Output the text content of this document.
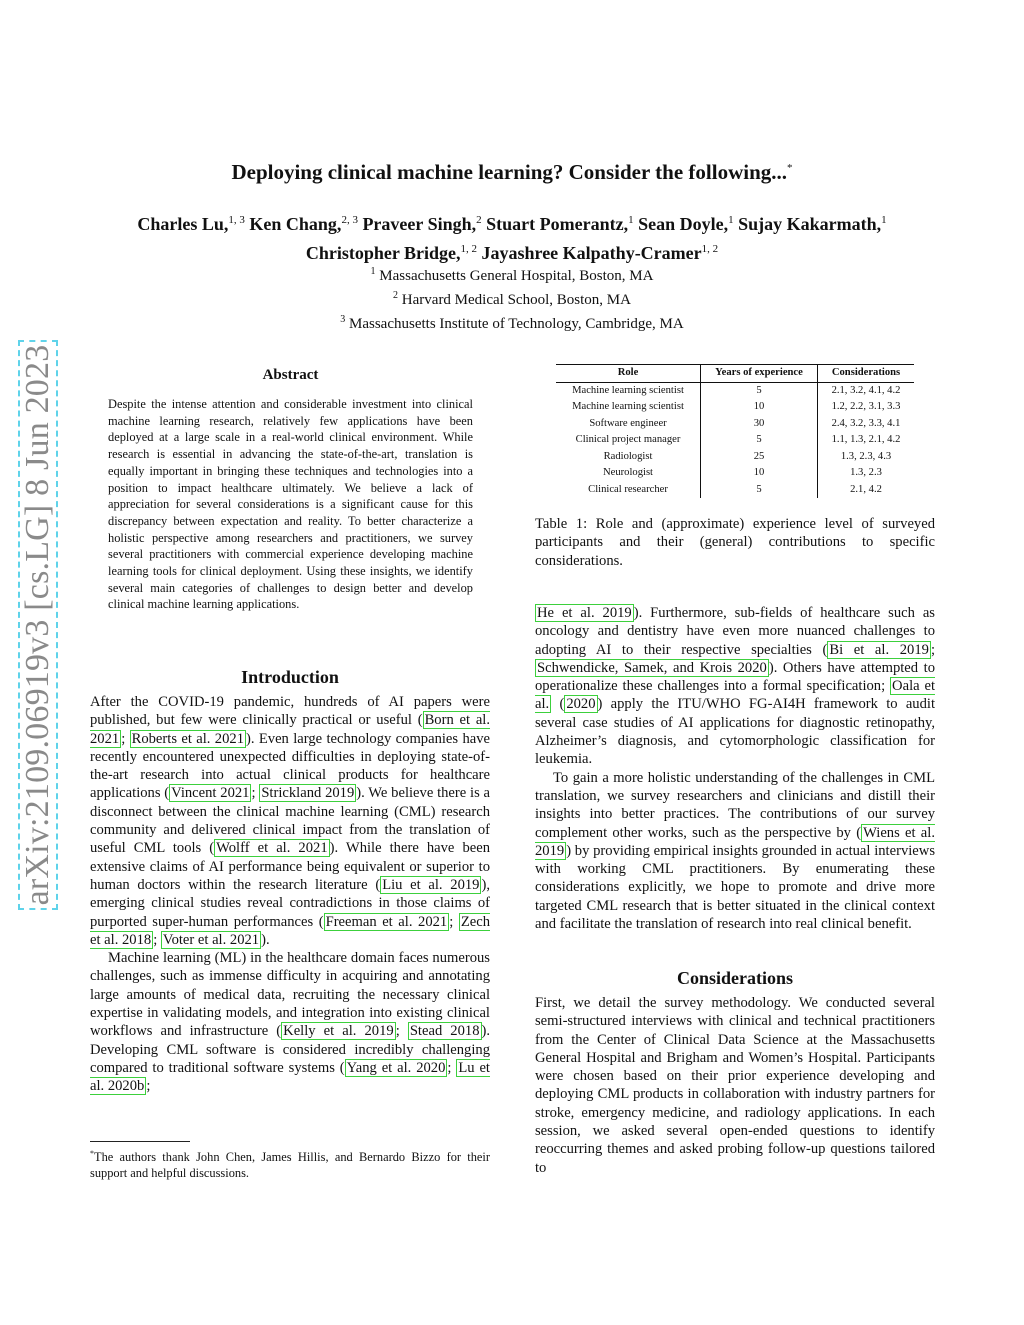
Deploying clinical machine learning? Consider the following...*
Charles Lu,$^{1, 3}$ Ken Chang,$^{2, 3}$ Praveer Singh,$^2$ Stuart Pomerantz,$^1$ Sean Doyle,$^1$ Sujay Kakarmath,$^1$ Christopher Bridge,$^{1, 2}$ Jayashree Kalpathy-Cramer$^{1, 2}$
$^1$ Massachusetts General Hospital, Boston, MA
$^2$ Harvard Medical School, Boston, MA
$^3$ Massachusetts Institute of Technology, Cambridge, MA
arXiv:2109.06919v3 [cs.LG] 8 Jun 2023	Abstract
Despite the intense attention and considerable investment into clinical machine learning research, relatively few applications have been deployed at a large scale in a real-world clinical environment. While research is essential in advancing the state-of-the-art, translation is equally important in bringing these techniques and technologies into a position to impact healthcare ultimately. We believe a lack of appreciation for several considerations is a significant cause for this discrepancy between expectation and reality. To better characterize a holistic perspective among researchers and practitioners, we survey several practitioners with commercial experience developing machine learning tools for clinical deployment. Using these insights, we identify several main categories of challenges to design better and develop clinical machine learning applications.
Introduction

After the COVID-19 pandemic, hundreds of AI papers were published, but few were clinically practical or useful ( Born et al. 2021 ; Roberts et al. 2021 ). Even large technology companies have recently encountered unexpected difficulties in deploying state-of-the-art research into actual clinical products for healthcare applications ( Vincent 2021 ; Strickland 2019 ). We believe there is a disconnect between the clinical machine learning (CML) research community and delivered clinical impact from the translation of useful CML tools ( Wolff et al. 2021 ). While there have been extensive claims of AI performance being equivalent or superior to human doctors within the research literature ( Liu et al. 2019 ), emerging clinical studies reveal contradictions in those claims of purported super-human performances ( Freeman et al. 2021 ; Zech et al. 2018 ; Voter et al. 2021 ).

Machine learning (ML) in the healthcare domain faces numerous challenges, such as immense difficulty in acquiring and annotating large amounts of medical data, recruiting the necessary clinical expertise in validating models, and integration into existing clinical workflows and infrastructure ( Kelly et al. 2019 ; Stead 2018 ). Developing CML software is considered incredibly challenging compared to traditional software systems ( Yang et al. 2020 ; Lu et al. 2020b ;

*The authors thank John Chen, James Hillis, and Bernardo Bizzo for their support and helpful discussions.
Role	Years of experience	Considerations
Machine learning scientist	5	2.1, 3.2, 4.1, 4.2
Machine learning scientist	10	1.2, 2.2, 3.1, 3.3
Software engineer	30	2.4, 3.2, 3.3, 4.1
Clinical project manager	5	1.1, 1.3, 2.1, 4.2
Radiologist	25	1.3, 2.3, 4.3
Neurologist	10	1.3, 2.3
Clinical researcher	5	2.1, 4.2
Table 1: Role and (approximate) experience level of surveyed participants and their (general) contributions to specific considerations.

He et al. 2019 ). Furthermore, sub-fields of healthcare such as oncology and dentistry have even more nuanced challenges to adopting AI to their respective specialties ( Bi et al. 2019 ; Schwendicke, Samek, and Krois 2020 ). Others have attempted to operationalize these challenges into a formal specification; Oala et al. ( 2020 ) apply the ITU/WHO FG-AI4H framework to audit several case studies of AI applications for diagnostic retinopathy, Alzheimer’s diagnosis, and cytomorphologic classification for leukemia.

To gain a more holistic understanding of the challenges in CML translation, we survey researchers and clinicians and distill their insights into better practices. The contributions of our survey complement other works, such as the perspective by ( Wiens et al. 2019 ) by providing empirical insights grounded in actual interviews with working CML practitioners. By enumerating these considerations explicitly, we hope to promote and drive more targeted CML research that is better situated in the clinical context and facilitate the translation of research into real clinical benefit.

Considerations

First, we detail the survey methodology. We conducted several semi-structured interviews with clinical and technical practitioners from the Center of Clinical Data Science at the Massachusetts General Hospital and Brigham and Women’s Hospital. Participants were chosen based on their prior experience developing and deploying CML products in collaboration with industry partners for stroke, emergency medicine, and radiology applications. In each session, we asked several open-ended questions to identify reoccurring themes and asked probing follow-up questions tailored to
